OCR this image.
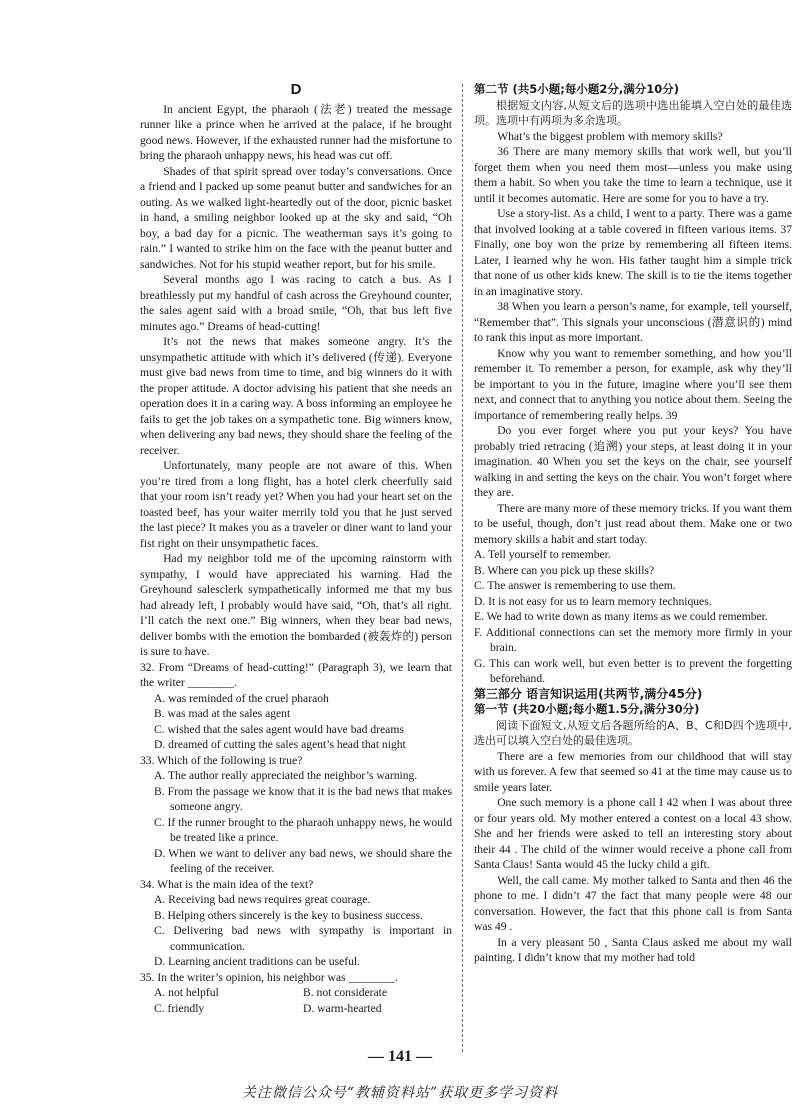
D

In ancient Egypt, the pharaoh (法老) treated the message runner like a prince when he arrived at the palace, if he brought good news. However, if the exhausted runner had the misfortune to bring the pharaoh unhappy news, his head was cut off.

Shades of that spirit spread over today’s conversations. Once a friend and I packed up some peanut butter and sandwiches for an outing. As we walked light-heartedly out of the door, picnic basket in hand, a smiling neighbor looked up at the sky and said, “Oh boy, a bad day for a picnic. The weatherman says it’s going to rain.” I wanted to strike him on the face with the peanut butter and sandwiches. Not for his stupid weather report, but for his smile.

Several months ago I was racing to catch a bus. As I breathlessly put my handful of cash across the Greyhound counter, the sales agent said with a broad smile, “Oh, that bus left five minutes ago.” Dreams of head-cutting!

It’s not the news that makes someone angry. It’s the unsympathetic attitude with which it’s delivered (传递). Everyone must give bad news from time to time, and big winners do it with the proper attitude. A doctor advising his patient that she needs an operation does it in a caring way. A boss informing an employee he fails to get the job takes on a sympathetic tone. Big winners know, when delivering any bad news, they should share the feeling of the receiver.

Unfortunately, many people are not aware of this. When you’re tired from a long flight, has a hotel clerk cheerfully said that your room isn’t ready yet? When you had your heart set on the toasted beef, has your waiter merrily told you that he just served the last piece? It makes you as a traveler or diner want to land your fist right on their unsympathetic faces.

Had my neighbor told me of the upcoming rainstorm with sympathy, I would have appreciated his warning. Had the Greyhound salesclerk sympathetically informed me that my bus had already left, I probably would have said, “Oh, that’s all right. I’ll catch the next one.” Big winners, when they bear bad news, deliver bombs with the emotion the bombarded (被轰炸的) person is sure to have.

32. From “Dreams of head-cutting!” (Paragraph 3), we learn that the writer ________.

A. was reminded of the cruel pharaoh

B. was mad at the sales agent

C. wished that the sales agent would have bad dreams

D. dreamed of cutting the sales agent’s head that night

33. Which of the following is true?

A. The author really appreciated the neighbor’s warning.

B. From the passage we know that it is the bad news that makes someone angry.

C. If the runner brought to the pharaoh unhappy news, he would be treated like a prince.

D. When we want to deliver any bad news, we should share the feeling of the receiver.

34. What is the main idea of the text?

A. Receiving bad news requires great courage.

B. Helping others sincerely is the key to business success.

C. Delivering bad news with sympathy is important in communication.

D. Learning ancient traditions can be useful.

35. In the writer’s opinion, his neighbor was ________.

A. not helpful	B. not considerate
C. friendly	D. warm-hearted

第二节 (共5小题;每小题2分,满分10分)

根据短文内容,从短文后的选项中选出能填入空白处的最佳选项。选项中有两项为多余选项。

What’s the biggest problem with memory skills?

36 There are many memory skills that work well, but you’ll forget them when you need them most—unless you make using them a habit. So when you take the time to learn a technique, use it until it becomes automatic. Here are some for you to have a try.

Use a story-list. As a child, I went to a party. There was a game that involved looking at a table covered in fifteen various items. 37 Finally, one boy won the prize by remembering all fifteen items. Later, I learned why he won. His father taught him a simple trick that none of us other kids knew. The skill is to tie the items together in an imaginative story.

38 When you learn a person’s name, for example, tell yourself, “Remember that”. This signals your unconscious (潜意识的) mind to rank this input as more important.

Know why you want to remember something, and how you’ll remember it. To remember a person, for example, ask why they’ll be important to you in the future, imagine where you’ll see them next, and connect that to anything you notice about them. Seeing the importance of remembering really helps. 39

Do you ever forget where you put your keys? You have probably tried retracing (追溯) your steps, at least doing it in your imagination. 40 When you set the keys on the chair, see yourself walking in and setting the keys on the chair. You won’t forget where they are.

There are many more of these memory tricks. If you want them to be useful, though, don’t just read about them. Make one or two memory skills a habit and start today.

A. Tell yourself to remember.

B. Where can you pick up these skills?

C. The answer is remembering to use them.

D. It is not easy for us to learn memory techniques.

E. We had to write down as many items as we could remember.

F. Additional connections can set the memory more firmly in your brain.

G. This can work well, but even better is to prevent the forgetting beforehand.

第三部分 语言知识运用(共两节,满分45分)

第一节 (共20小题;每小题1.5分,满分30分)

阅读下面短文,从短文后各题所给的A、B、C和D四个选项中,选出可以填入空白处的最佳选项。

There are a few memories from our childhood that will stay with us forever. A few that seemed so 41 at the time may cause us to smile years later.

One such memory is a phone call I 42 when I was about three or four years old. My mother entered a contest on a local 43 show. She and her friends were asked to tell an interesting story about their 44 . The child of the winner would receive a phone call from Santa Claus! Santa would 45 the lucky child a gift.

Well, the call came. My mother talked to Santa and then 46 the phone to me. I didn’t 47 the fact that many people were 48 our conversation. However, the fact that this phone call is from Santa was 49 .

In a very pleasant 50 , Santa Claus asked me about my wall painting. I didn’t know that my mother had told

— 141 —
关注微信公众号“教辅资料站”获取更多学习资料
